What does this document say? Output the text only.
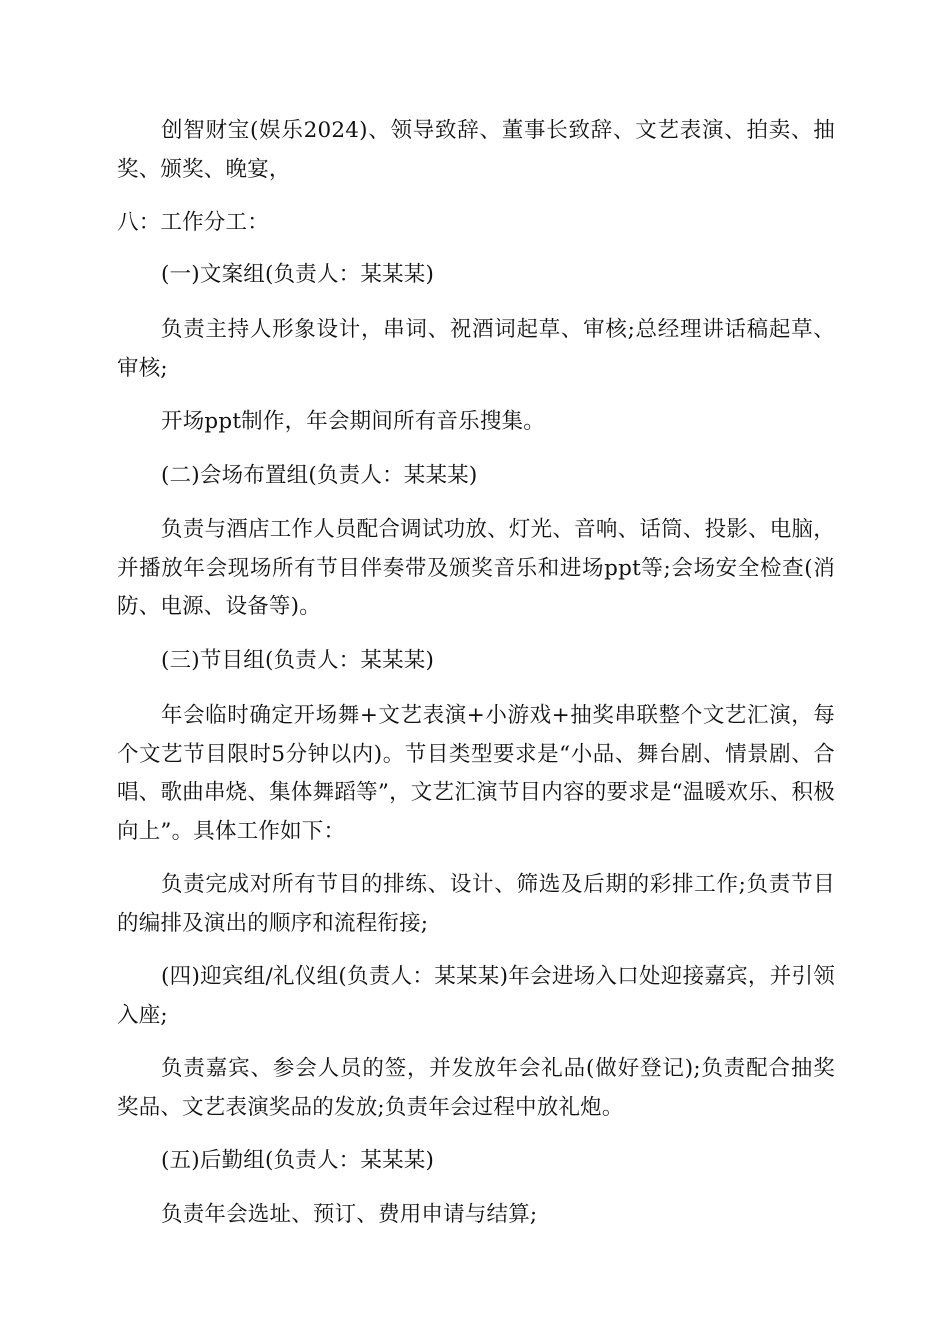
创智财宝(娱乐2024)、领导致辞、董事长致辞、文艺表演、拍卖、抽奖、颁奖、晚宴，

八：工作分工：

(一)文案组(负责人：某某某)

负责主持人形象设计，串词、祝酒词起草、审核;总经理讲话稿起草、审核;

开场ppt制作，年会期间所有音乐搜集。

(二)会场布置组(负责人：某某某)

负责与酒店工作人员配合调试功放、灯光、音响、话筒、投影、电脑，并播放年会现场所有节目伴奏带及颁奖音乐和进场ppt等;会场安全检查(消防、电源、设备等)。

(三)节目组(负责人：某某某)

年会临时确定开场舞+文艺表演+小游戏+抽奖串联整个文艺汇演，每个文艺节目限时5分钟以内)。节目类型要求是“小品、舞台剧、情景剧、合唱、歌曲串烧、集体舞蹈等”，文艺汇演节目内容的要求是“温暖欢乐、积极向上”。具体工作如下：

负责完成对所有节目的排练、设计、筛选及后期的彩排工作;负责节目的编排及演出的顺序和流程衔接;

(四)迎宾组/礼仪组(负责人：某某某)年会进场入口处迎接嘉宾，并引领入座;

负责嘉宾、参会人员的签，并发放年会礼品(做好登记);负责配合抽奖奖品、文艺表演奖品的发放;负责年会过程中放礼炮。

(五)后勤组(负责人：某某某)

负责年会选址、预订、费用申请与结算;
